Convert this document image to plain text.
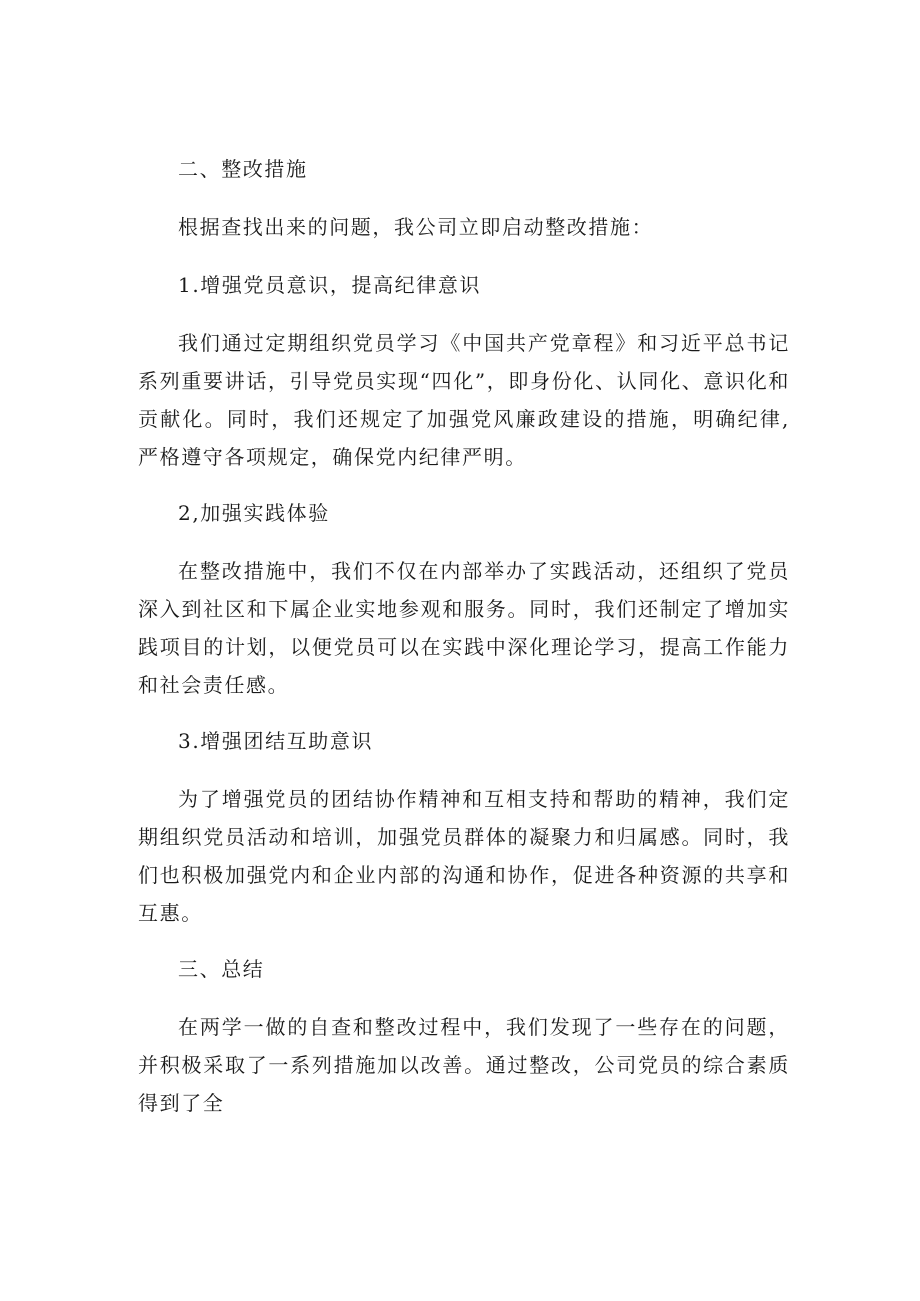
二、整改措施

根据查找出来的问题，我公司立即启动整改措施：

1.增强党员意识，提高纪律意识

我们通过定期组织党员学习《中国共产党章程》和习近平总书记系列重要讲话，引导党员实现“四化”，即身份化、认同化、意识化和贡献化。同时，我们还规定了加强党风廉政建设的措施，明确纪律,严格遵守各项规定，确保党内纪律严明。

2,加强实践体验

在整改措施中，我们不仅在内部举办了实践活动，还组织了党员深入到社区和下属企业实地参观和服务。同时，我们还制定了增加实践项目的计划，以便党员可以在实践中深化理论学习，提高工作能力和社会责任感。

3.增强团结互助意识

为了增强党员的团结协作精神和互相支持和帮助的精神，我们定期组织党员活动和培训，加强党员群体的凝聚力和归属感。同时，我们也积极加强党内和企业内部的沟通和协作，促进各种资源的共享和互惠。

三、总结

在两学一做的自查和整改过程中，我们发现了一些存在的问题，并积极采取了一系列措施加以改善。通过整改，公司党员的综合素质得到了全
